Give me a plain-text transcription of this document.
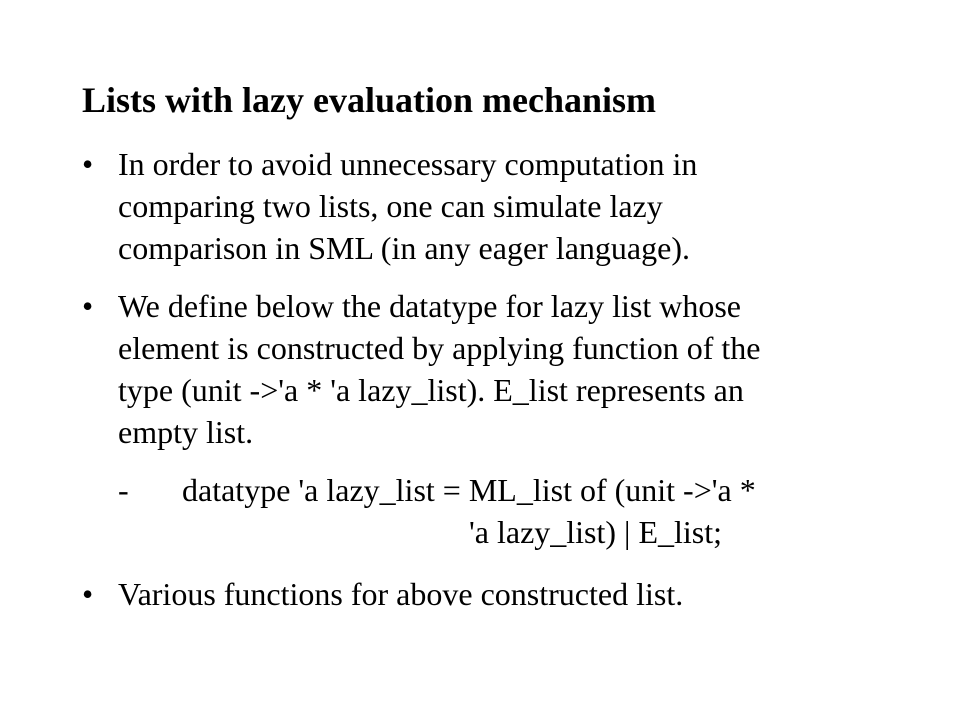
Lists with lazy evaluation mechanism
• In order to avoid unnecessary computation in
comparing two lists, one can simulate lazy
comparison in SML (in any eager language).
• We define below the datatype for lazy list whose
element is constructed by applying function of the
type (unit ->'a * 'a lazy_list). E_list represents an
empty list.
-	datatype 'a lazy_list = ML_list of (unit ->'a *
'a lazy_list) | E_list;
• Various functions for above constructed list.
